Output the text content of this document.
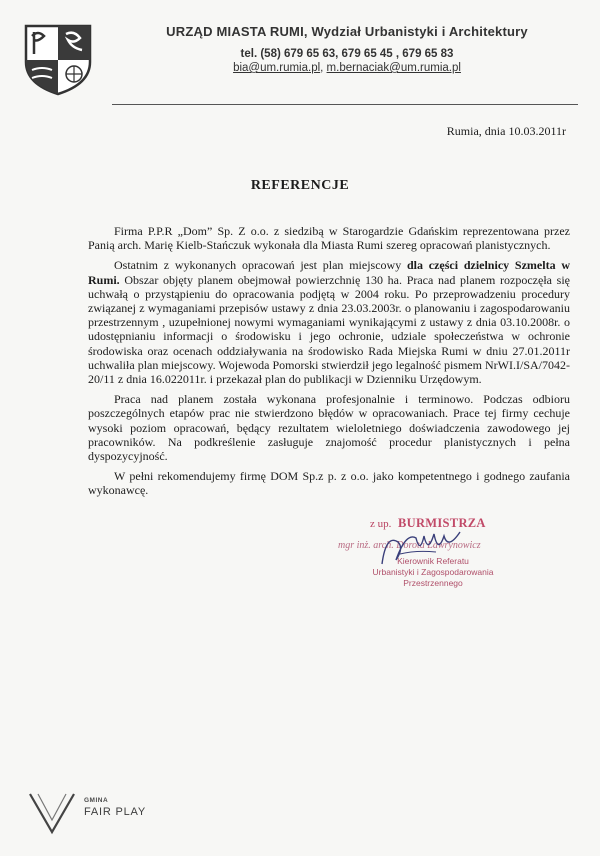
URZĄD MIASTA RUMI, Wydział Urbanistyki i Architektury
tel. (58) 679 65 63, 679 65 45 , 679 65 83
bia@um.rumia.pl, m.bernaciak@um.rumia.pl
Rumia, dnia 10.03.2011r
REFERENCJE

Firma P.P.R „Dom” Sp. Z o.o. z siedzibą w Starogardzie Gdańskim reprezentowana przez Panią arch. Marię Kielb-Stańczuk wykonała dla Miasta Rumi szereg opracowań planistycznych.

Ostatnim z wykonanych opracowań jest plan miejscowy dla części dzielnicy Szmelta w Rumi. Obszar objęty planem obejmował powierzchnię 130 ha. Praca nad planem rozpoczęła się uchwałą o przystąpieniu do opracowania podjętą w 2004 roku. Po przeprowadzeniu procedury związanej z wymaganiami przepisów ustawy z dnia 23.03.2003r. o planowaniu i zagospodarowaniu przestrzennym , uzupełnionej nowymi wymaganiami wynikającymi z ustawy z dnia 03.10.2008r. o udostępnianiu informacji o środowisku i jego ochronie, udziale społeczeństwa w ochronie środowiska oraz ocenach oddziaływania na środowisko Rada Miejska Rumi w dniu 27.01.2011r uchwaliła plan miejscowy. Wojewoda Pomorski stwierdził jego legalność pismem NrWI.I/SA/7042-20/11 z dnia 16.022011r. i przekazał plan do publikacji w Dzienniku Urzędowym.

Praca nad planem została wykonana profesjonalnie i terminowo. Podczas odbioru poszczególnych etapów prac nie stwierdzono błędów w opracowaniach. Prace tej firmy cechuje wysoki poziom opracowań, będący rezultatem wieloletniego doświadczenia zawodowego jej pracowników. Na podkreślenie zasługuje znajomość procedur planistycznych i pełna dyspozycyjność.

W pełni rekomendujemy firmę DOM Sp.z p. z o.o. jako kompetentnego i godnego zaufania wykonawcę.

z up. BURMISTRZA
mgr inż. arch. Dorota Ławrynowicz
Kierownik Referatu
Urbanistyki i Zagospodarowania
Przestrzennego
GMINA
FAIR PLAY
